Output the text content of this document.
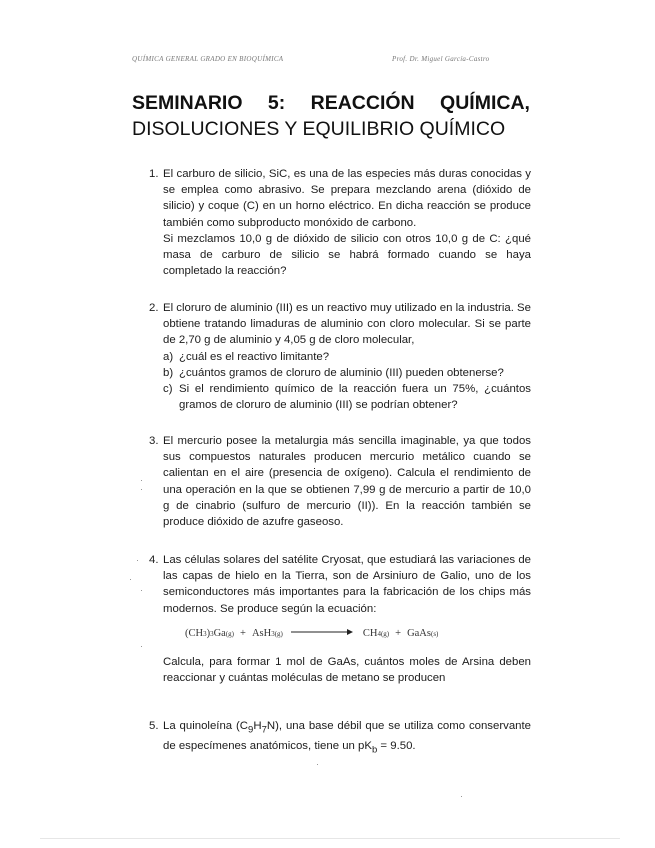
QUÍMICA GENERAL GRADO EN BIOQUÍMICA	Prof. Dr. Miguel García-Castro
SEMINARIO 5: REACCIÓN QUÍMICA,
DISOLUCIONES Y EQUILIBRIO QUÍMICO
1. El carburo de silicio, SiC, es una de las especies más duras conocidas y se emplea como abrasivo. Se prepara mezclando arena (dióxido de silicio) y coque (C) en un horno eléctrico. En dicha reacción se produce también como subproducto monóxido de carbono.

Si mezclamos 10,0 g de dióxido de silicio con otros 10,0 g de C: ¿qué masa de carburo de silicio se habrá formado cuando se haya completado la reacción?

2. El cloruro de aluminio (III) es un reactivo muy utilizado en la industria. Se obtiene tratando limaduras de aluminio con cloro molecular. Si se parte de 2,70 g de aluminio y 4,05 g de cloro molecular,

a) ¿cuál es el reactivo limitante?
b) ¿cuántos gramos de cloruro de aluminio (III) pueden obtenerse?
c) Si el rendimiento químico de la reacción fuera un 75%, ¿cuántos gramos de cloruro de aluminio (III) se podrían obtener?
3. El mercurio posee la metalurgia más sencilla imaginable, ya que todos sus compuestos naturales producen mercurio metálico cuando se calientan en el aire (presencia de oxígeno). Calcula el rendimiento de una operación en la que se obtienen 7,99 g de mercurio a partir de 10,0 g de cinabrio (sulfuro de mercurio (II)). En la reacción también se produce dióxido de azufre gaseoso.

4. Las células solares del satélite Cryosat, que estudiará las variaciones de las capas de hielo en la Tierra, son de Arsiniuro de Galio, uno de los semiconductores más importantes para la fabricación de los chips más modernos. Se produce según la ecuación:

(CH 3 ) 3 Ga (g) + AsH 3 (g)	CH 4 (g) + GaAs (s)

Calcula, para formar 1 mol de GaAs, cuántos moles de Arsina deben reaccionar y cuántas moléculas de metano se producen

5. La quinoleína $(C_9H_7N)$, una base débil que se utiliza como conservante de especímenes anatómicos, tiene un $pK_b = 9.50$.

·
·
·
·
·
·
·
·
